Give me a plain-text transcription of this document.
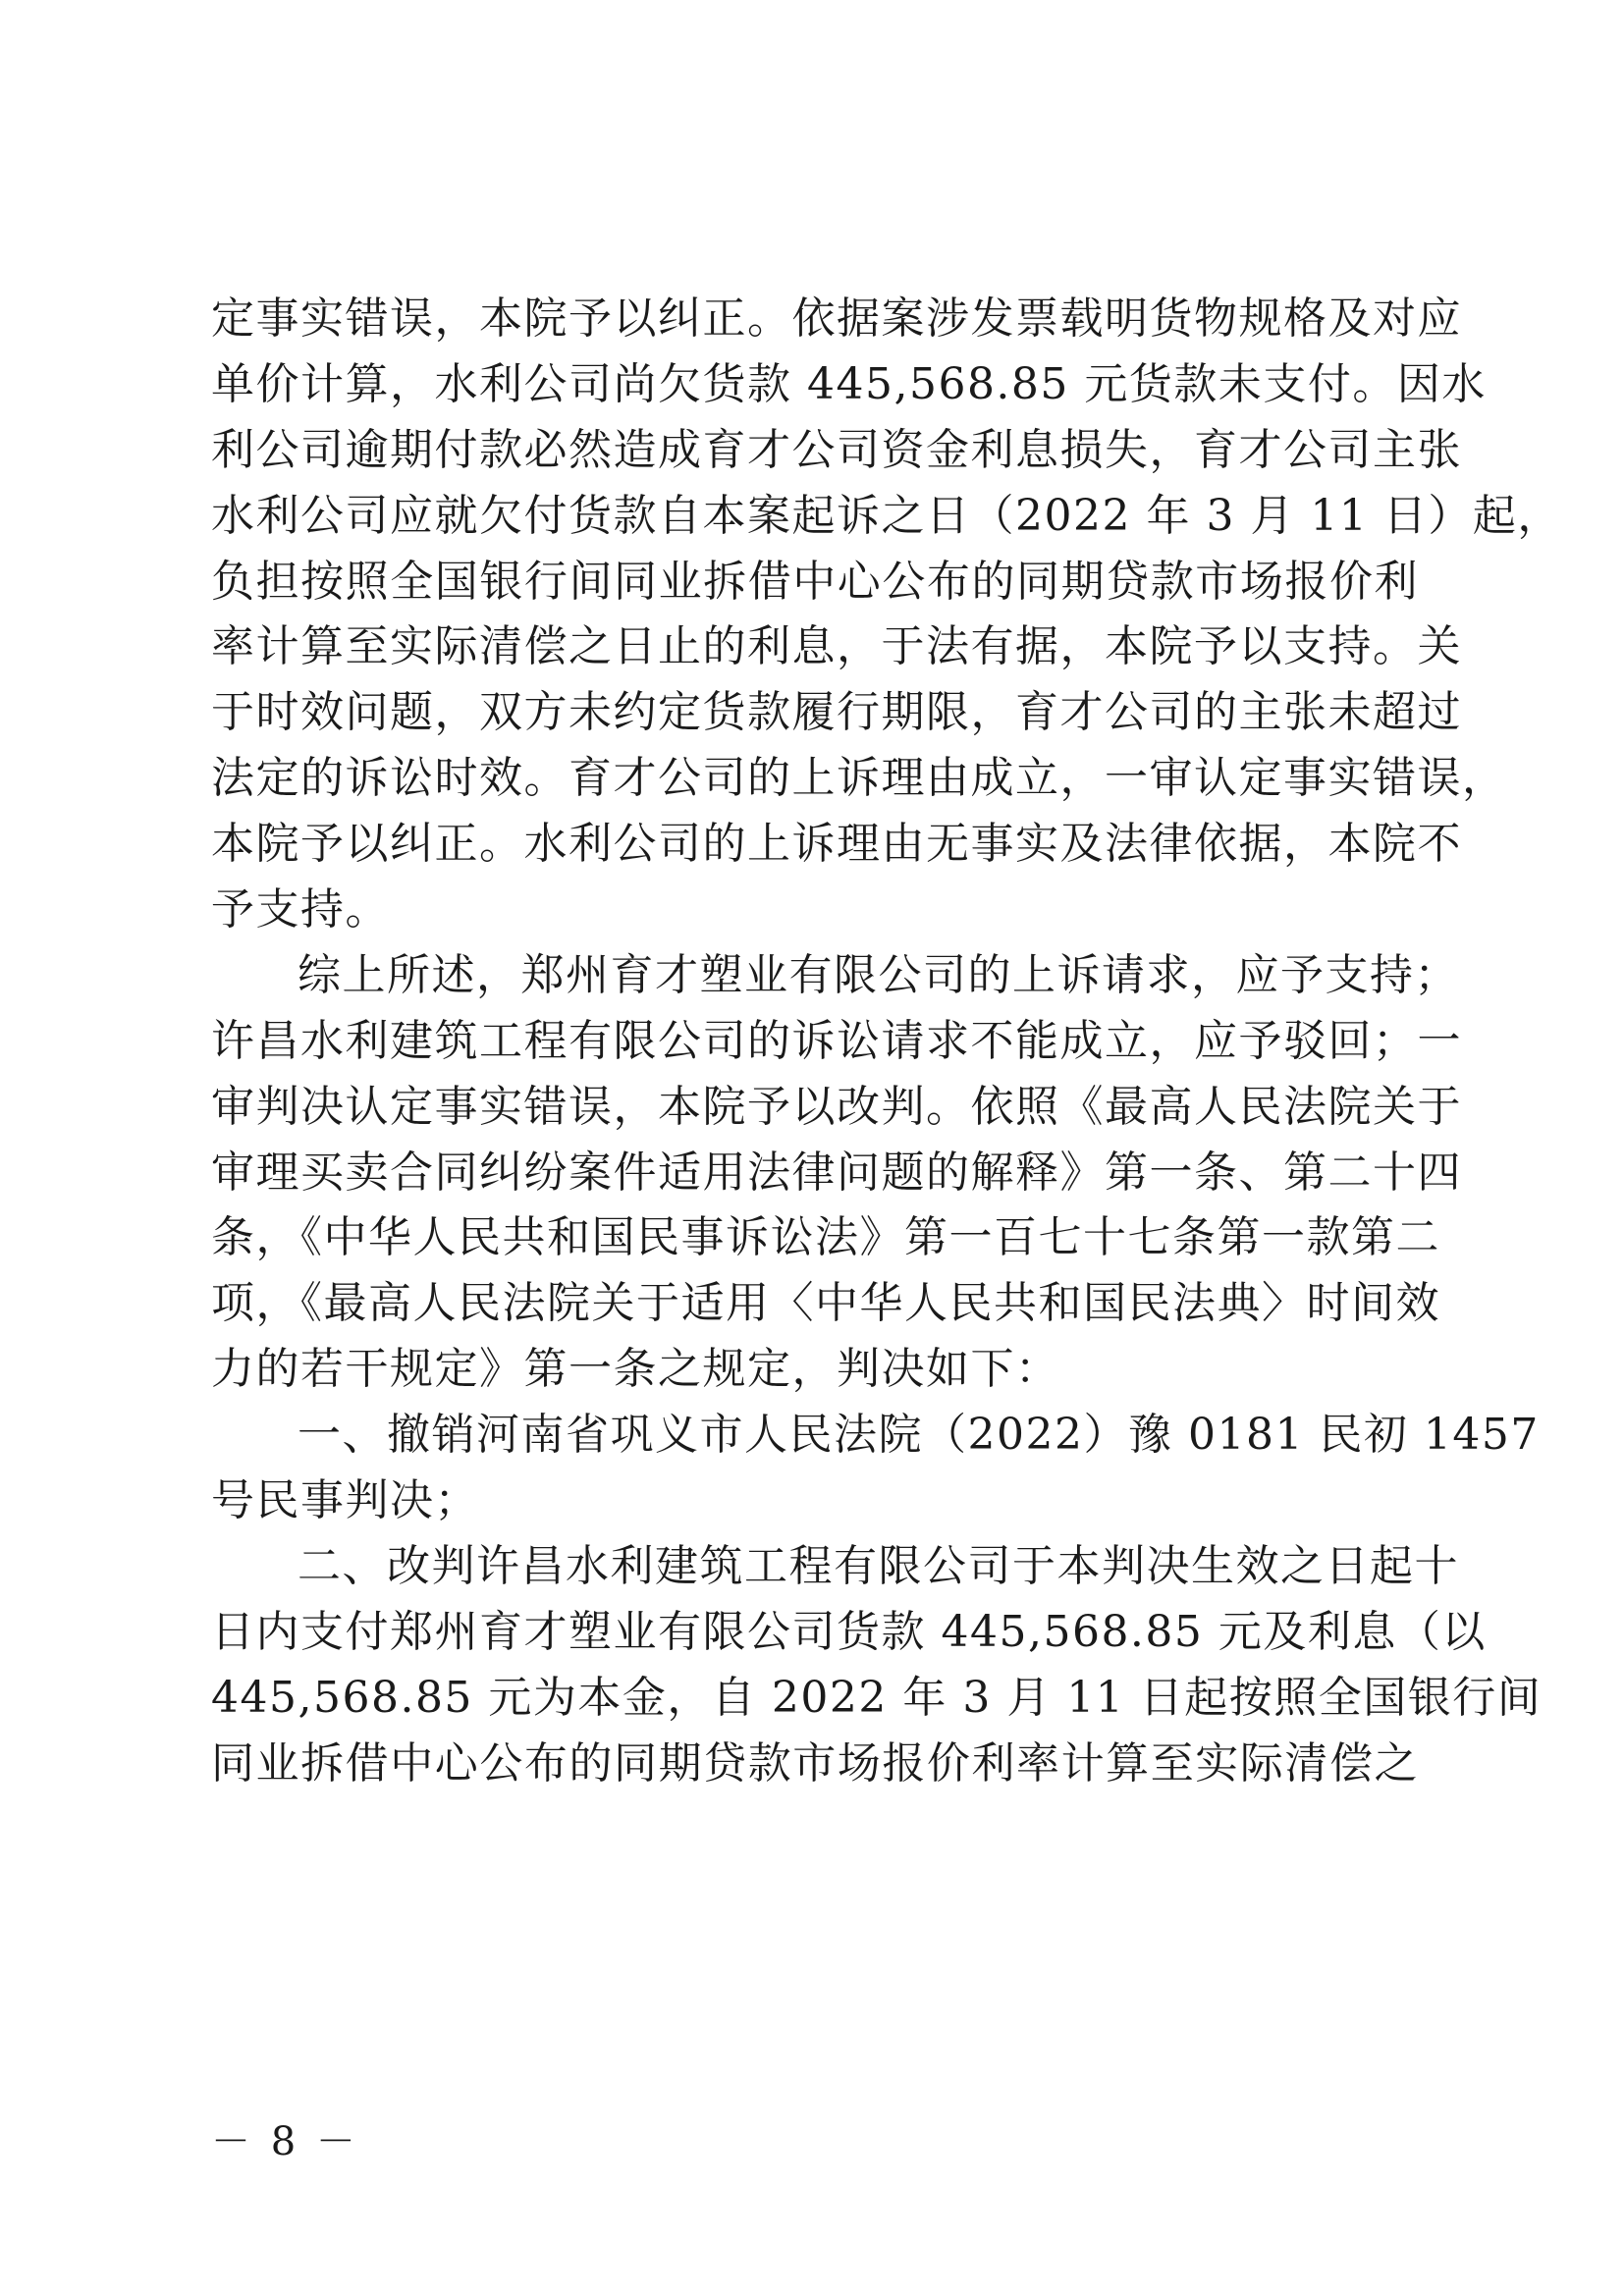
定事实错误，本院予以纠正。依据案涉发票载明货物规格及对应
单价计算，水利公司尚欠货款 445,568.85 元货款未支付。因水
利公司逾期付款必然造成育才公司资金利息损失，育才公司主张
水利公司应就欠付货款自本案起诉之日（2022 年 3 月 11 日）起，
负担按照全国银行间同业拆借中心公布的同期贷款市场报价利
率计算至实际清偿之日止的利息，于法有据，本院予以支持。关
于时效问题，双方未约定货款履行期限，育才公司的主张未超过
法定的诉讼时效。育才公司的上诉理由成立，一审认定事实错误，
本院予以纠正。水利公司的上诉理由无事实及法律依据，本院不
予支持。
综上所述，郑州育才塑业有限公司的上诉请求，应予支持；
许昌水利建筑工程有限公司的诉讼请求不能成立，应予驳回；一
审判决认定事实错误，本院予以改判。依照《最高人民法院关于
审理买卖合同纠纷案件适用法律问题的解释》第一条、第二十四
条，《中华人民共和国民事诉讼法》第一百七十七条第一款第二
项，《最高人民法院关于适用〈中华人民共和国民法典〉时间效
力的若干规定》第一条之规定，判决如下：
一、撤销河南省巩义市人民法院（2022）豫 0181 民初 1457
号民事判决；
二、改判许昌水利建筑工程有限公司于本判决生效之日起十
日内支付郑州育才塑业有限公司货款 445,568.85 元及利息（以
445,568.85 元为本金，自 2022 年 3 月 11 日起按照全国银行间
同业拆借中心公布的同期贷款市场报价利率计算至实际清偿之
－ 8 －
